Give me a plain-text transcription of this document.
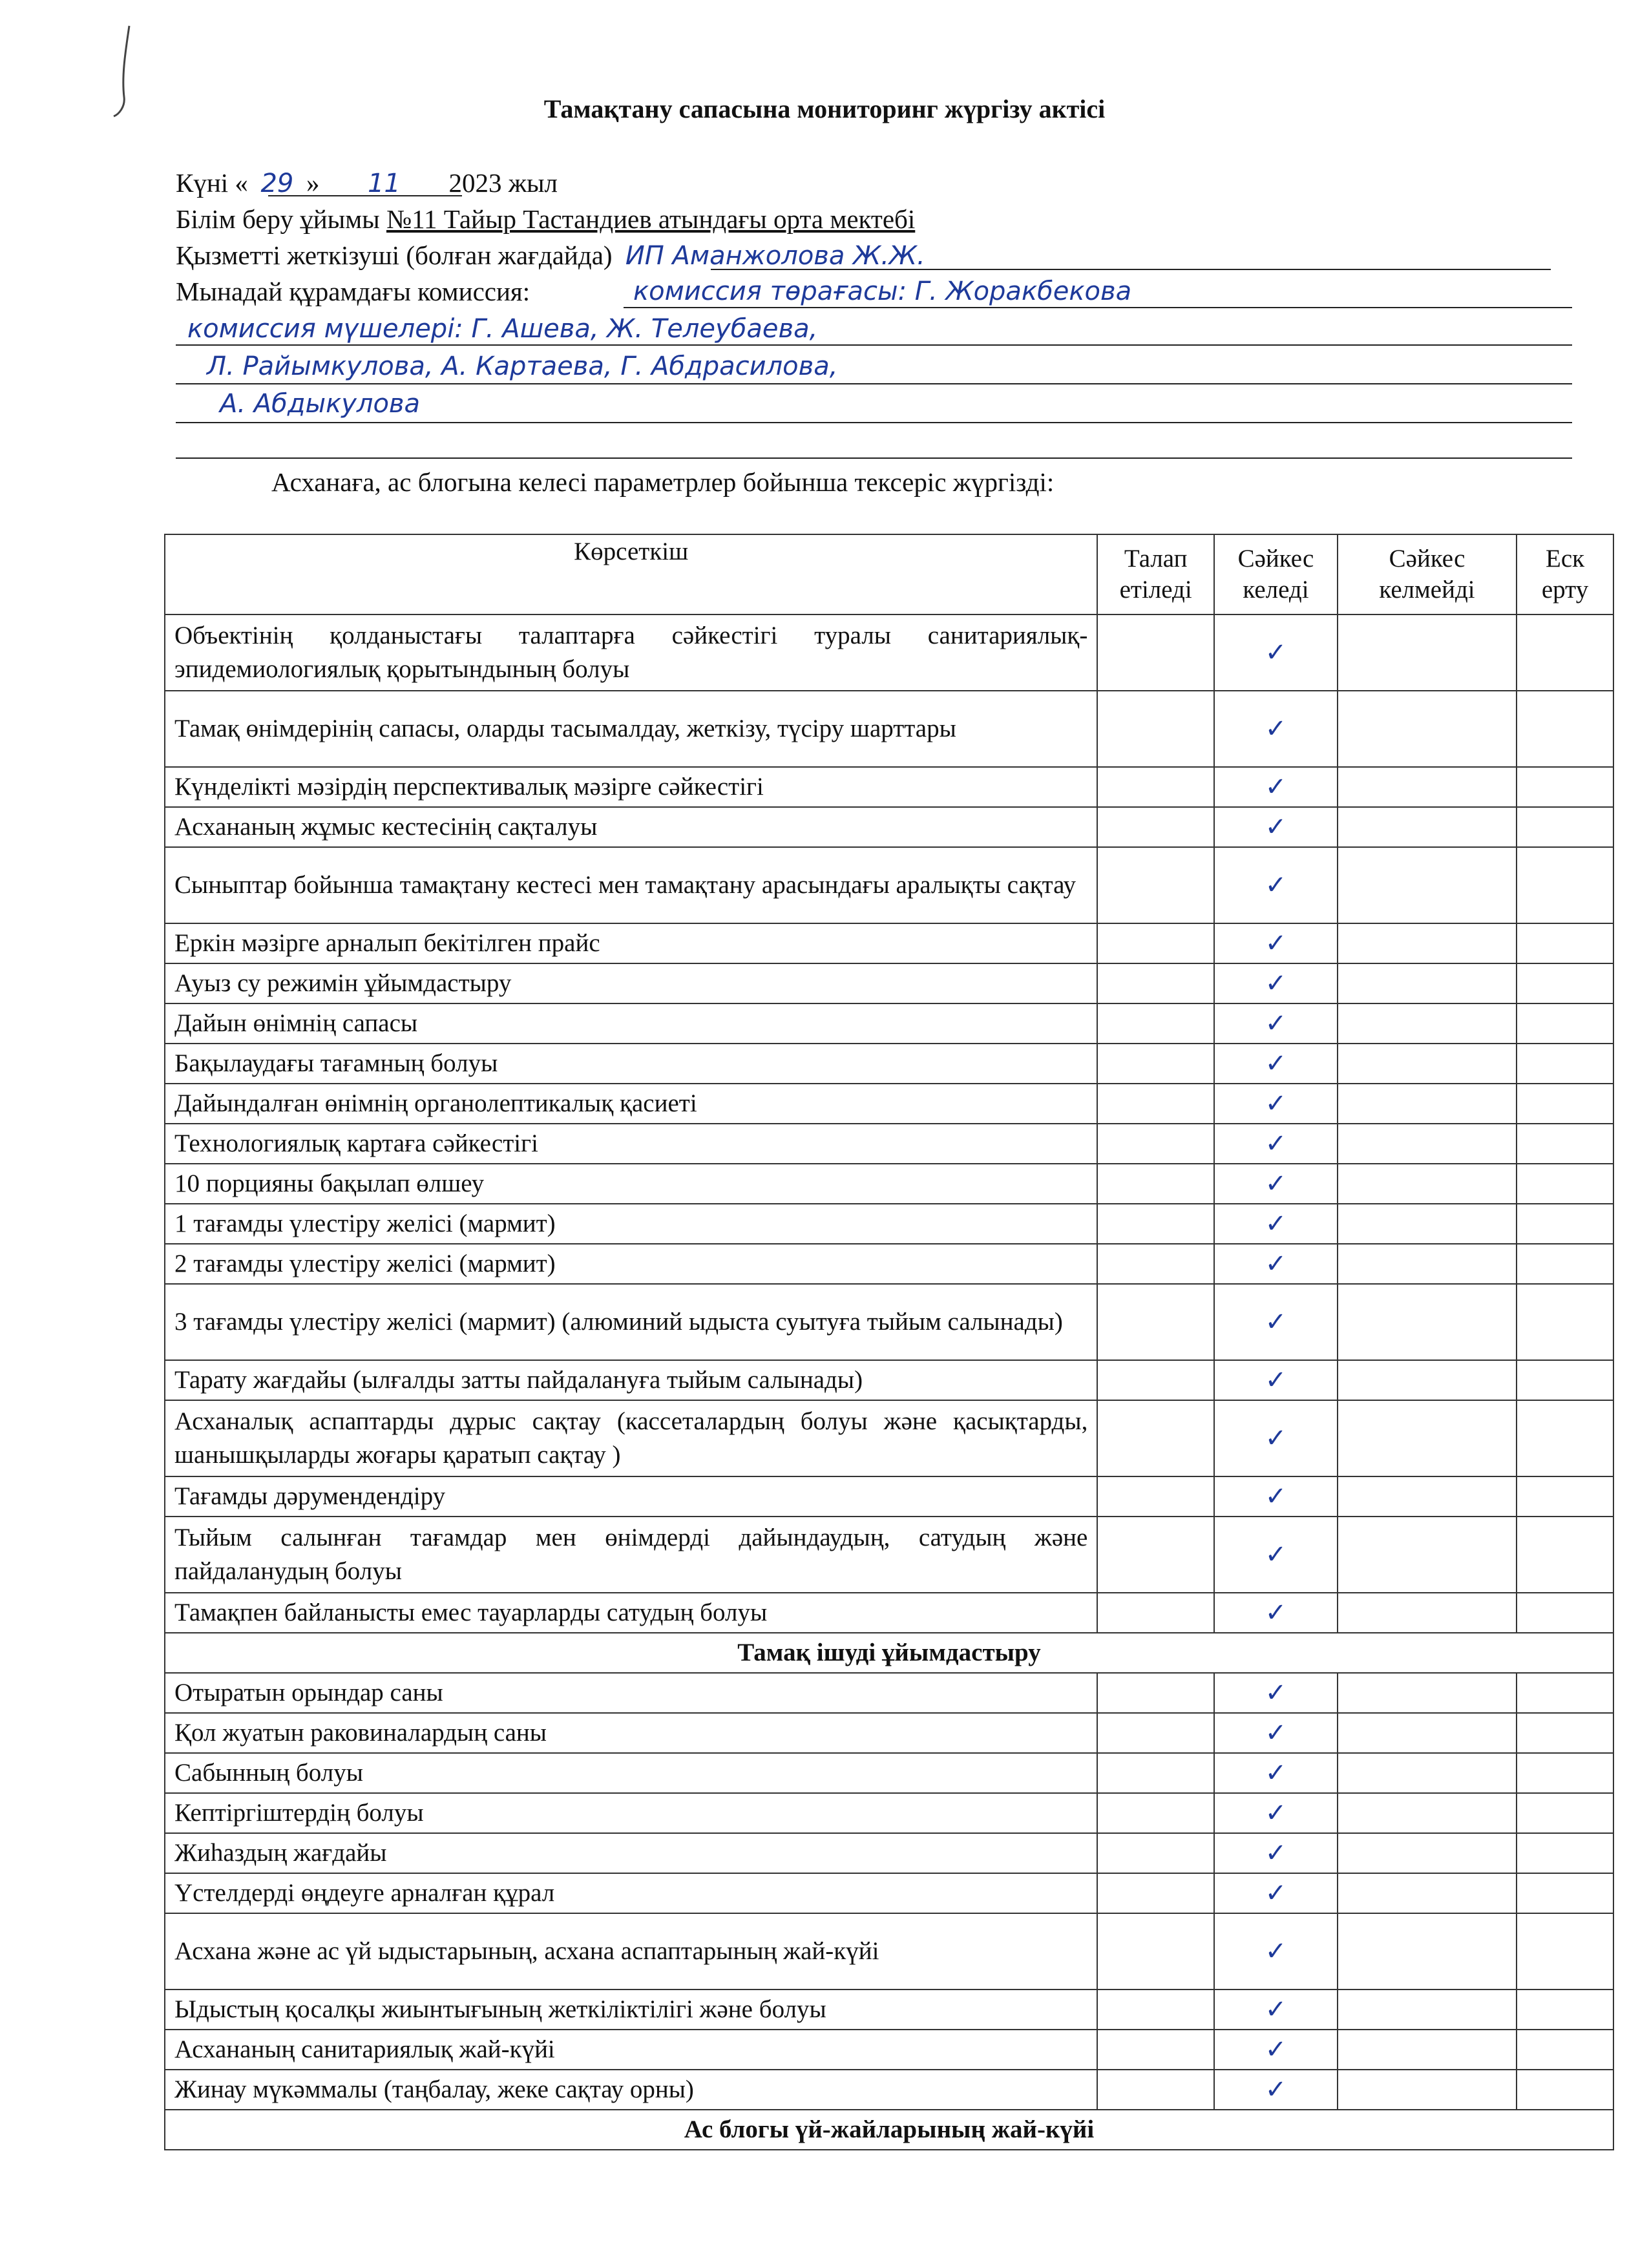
Тамақтану сапасына мониторинг жүргізу актісі
Күні « 29 » 11 2023 жыл
Білім беру ұйымы №11 Тайыр Тастандиев атындағы орта мектебі
Қызметті жеткізуші (болған жағдайда) ИП Аманжолова Ж.Ж.
Мынадай құрамдағы комиссия:	комиссия төрағасы: Г. Жоракбекова
комиссия мүшелері: Г. Ашева, Ж. Телеубаева,
Л. Райымкулова, А. Картаева, Г. Абдрасилова,
А. Абдыкулова
Асханаға, ас блогына келесі параметрлер бойынша тексеріс жүргізді:
Көрсеткіш	Талап етіледі	Сәйкес келеді	Сәйкес келмейді	Еск ерту
Объектінің қолданыстағы талаптарға сәйкестігі туралы санитариялық-эпидемиологиялық қорытындының болуы		✓		
Тамақ өнімдерінің сапасы, оларды тасымалдау, жеткізу, түсіру шарттары		✓		
Күнделікті мәзірдің перспективалық мәзірге сәйкестігі		✓		
Асхананың жұмыс кестесінің сақталуы		✓		
Сыныптар бойынша тамақтану кестесі мен тамақтану арасындағы аралықты сақтау		✓		
Еркін мәзірге арналып бекітілген прайс		✓		
Ауыз су режимін ұйымдастыру		✓		
Дайын өнімнің сапасы		✓		
Бақылаудағы тағамның болуы		✓		
Дайындалған өнімнің органолептикалық қасиеті		✓		
Технологиялық картаға сәйкестігі		✓		
10 порцияны бақылап өлшеу		✓		
1 тағамды үлестіру желісі (мармит)		✓		
2 тағамды үлестіру желісі (мармит)		✓		
3 тағамды үлестіру желісі (мармит) (алюминий ыдыста суытуға тыйым салынады)		✓		
Тарату жағдайы (ылғалды затты пайдалануға тыйым салынады)		✓		
Асханалық аспаптарды дұрыс сақтау (кассеталардың болуы және қасықтарды, шанышқыларды жоғары қаратып сақтау )		✓		
Тағамды дәрумендендіру		✓		
Тыйым салынған тағамдар мен өнімдерді дайындаудың, сатудың және пайдаланудың болуы		✓		
Тамақпен байланысты емес тауарларды сатудың болуы		✓		
Тамақ ішуді ұйымдастыру				
Отыратын орындар саны		✓		
Қол жуатын раковиналардың саны		✓		
Сабынның болуы		✓		
Кептіргіштердің болуы		✓		
Жиһаздың жағдайы		✓		
Үстелдерді өңдеуге арналған құрал		✓		
Асхана және ас үй ыдыстарының, асхана аспаптарының жай-күйі		✓		
Ыдыстың қосалқы жиынтығының жеткіліктілігі және болуы		✓		
Асхананың санитариялық жай-күйі		✓		
Жинау мүкәммалы (таңбалау, жеке сақтау орны)		✓		
Ас блогы үй-жайларының жай-күйі				
